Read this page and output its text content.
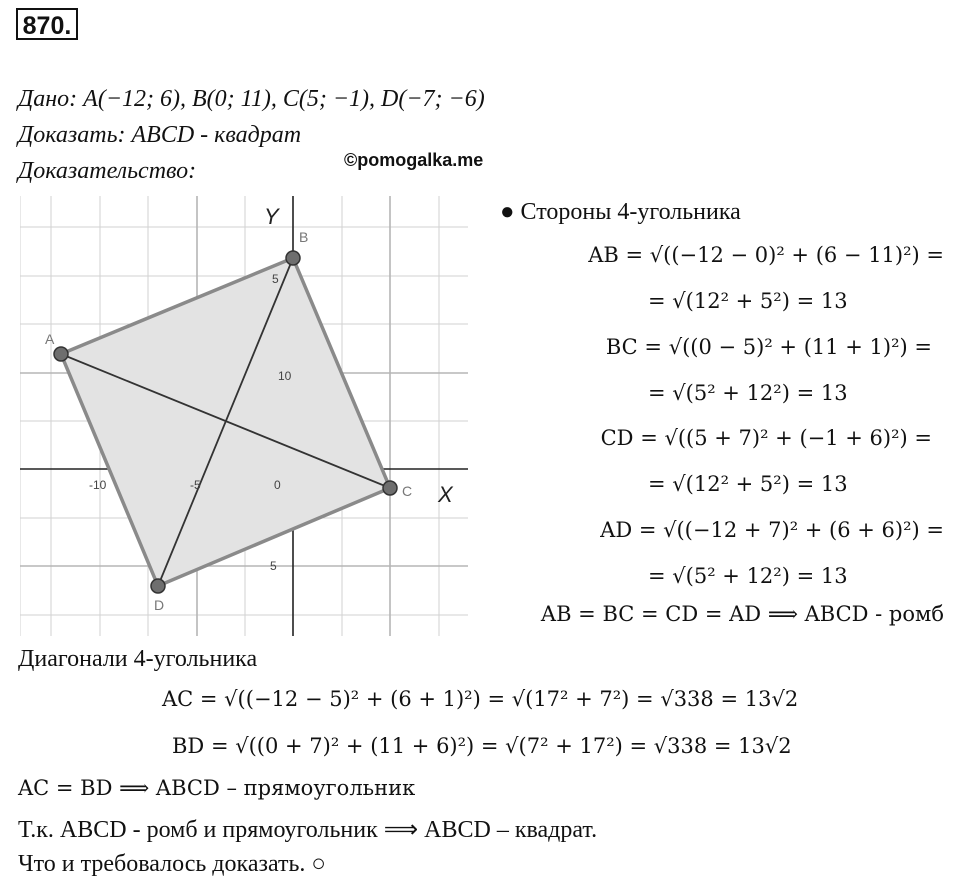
870.
Дано: A(−12; 6), B(0; 11), C(5; −1), D(−7; −6)
Доказать: ABCD - квадрат
Доказательство:	©pomogalka.me
A
B
C
D
-10	-5	0
5
10
5
Y
X
● Стороны 4-угольника
AB = √((−12 − 0)² + (6 − 11)²) =
= √(12² + 5²) = 13
BC = √((0 − 5)² + (11 + 1)²) =
= √(5² + 12²) = 13
CD = √((5 + 7)² + (−1 + 6)²) =
= √(12² + 5²) = 13
AD = √((−12 + 7)² + (6 + 6)²) =
= √(5² + 12²) = 13
AB = BC = CD = AD ⟹ ABCD - ромб
Диагонали 4-угольника
AC = √((−12 − 5)² + (6 + 1)²) = √(17² + 7²) = √338 = 13√2
BD = √((0 + 7)² + (11 + 6)²) = √(7² + 17²) = √338 = 13√2
AC = BD ⟹ ABCD – прямоугольник
Т.к. ABCD - ромб и прямоугольник ⟹ ABCD – квадрат.
Что и требовалось доказать. ○
